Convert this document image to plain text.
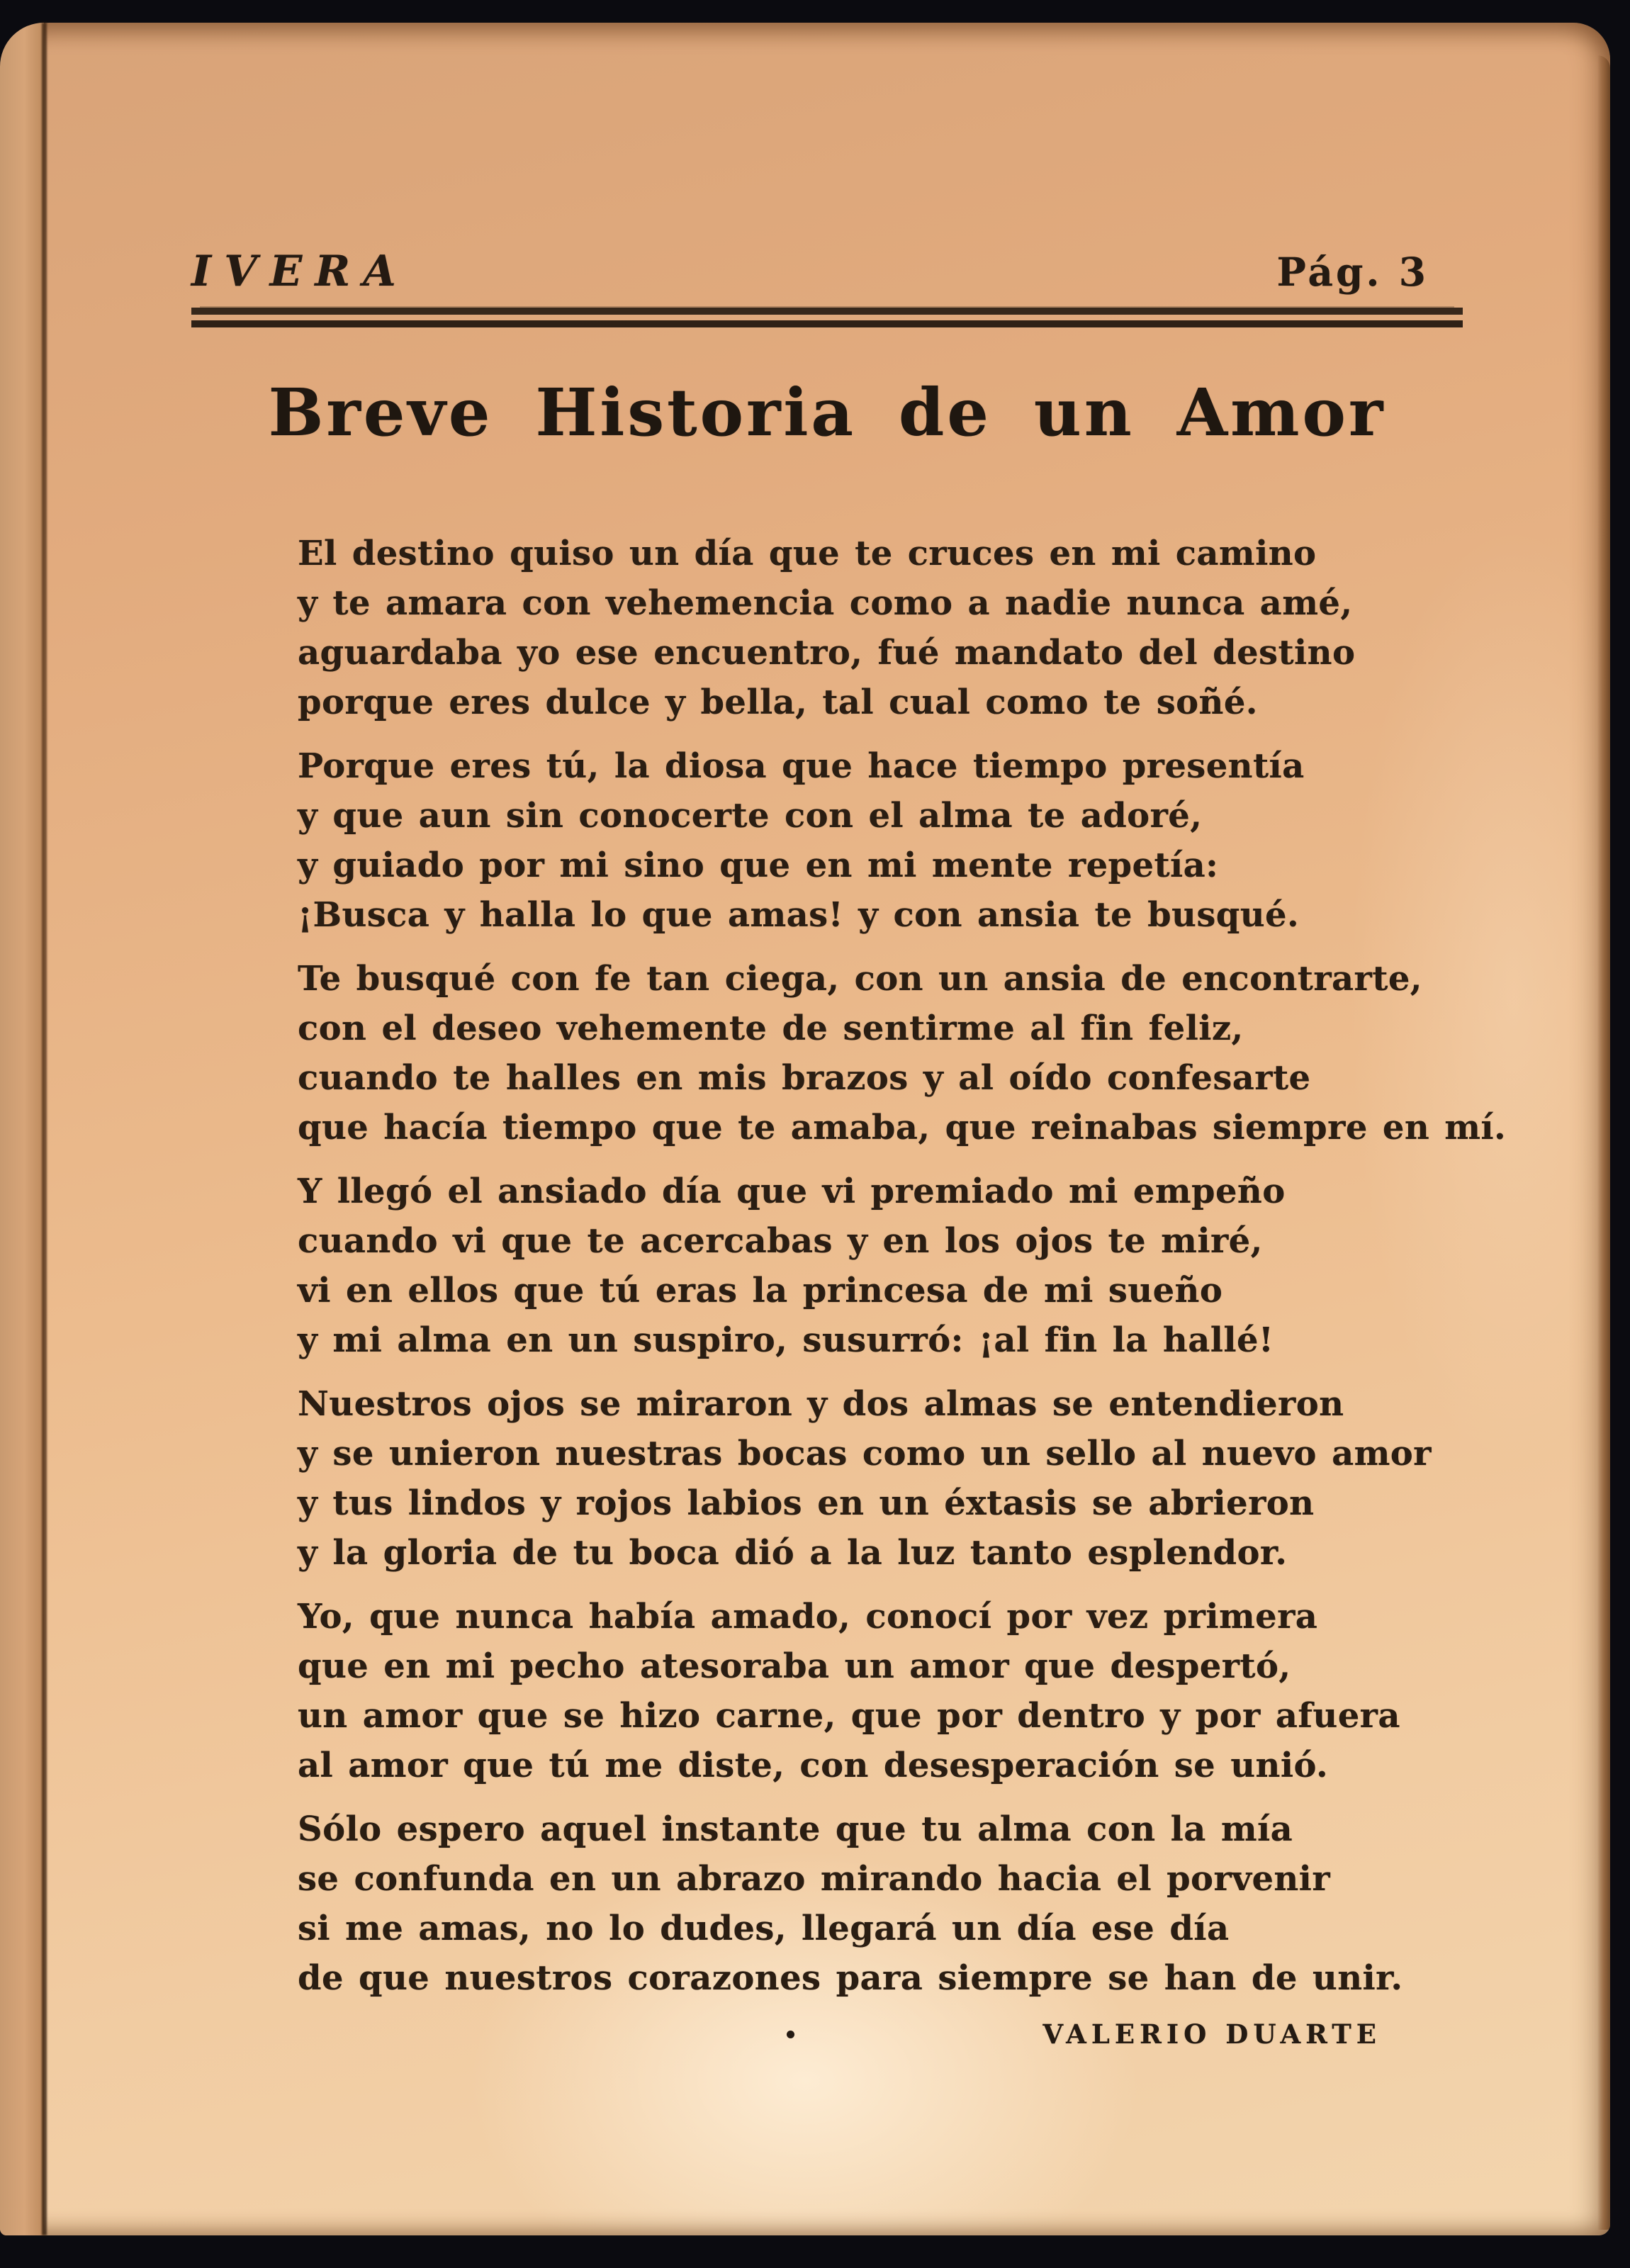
IVERA	Pág. 3
Breve Historia de un Amor
El destino quiso un día que te cruces en mi camino
y te amara con vehemencia como a nadie nunca amé,
aguardaba yo ese encuentro, fué mandato del destino
porque eres dulce y bella, tal cual como te soñé.
Porque eres tú, la diosa que hace tiempo presentía
y que aun sin conocerte con el alma te adoré,
y guiado por mi sino que en mi mente repetía:
¡Busca y halla lo que amas! y con ansia te busqué.
Te busqué con fe tan ciega, con un ansia de encontrarte,
con el deseo vehemente de sentirme al fin feliz,
cuando te halles en mis brazos y al oído confesarte
que hacía tiempo que te amaba, que reinabas siempre en mí.
Y llegó el ansiado día que vi premiado mi empeño
cuando vi que te acercabas y en los ojos te miré,
vi en ellos que tú eras la princesa de mi sueño
y mi alma en un suspiro, susurró: ¡al fin la hallé!
Nuestros ojos se miraron y dos almas se entendieron
y se unieron nuestras bocas como un sello al nuevo amor
y tus lindos y rojos labios en un éxtasis se abrieron
y la gloria de tu boca dió a la luz tanto esplendor.
Yo, que nunca había amado, conocí por vez primera
que en mi pecho atesoraba un amor que despertó,
un amor que se hizo carne, que por dentro y por afuera
al amor que tú me diste, con desesperación se unió.
Sólo espero aquel instante que tu alma con la mía
se confunda en un abrazo mirando hacia el porvenir
si me amas, no lo dudes, llegará un día ese día
de que nuestros corazones para siempre se han de unir.
VALERIO DUARTE
